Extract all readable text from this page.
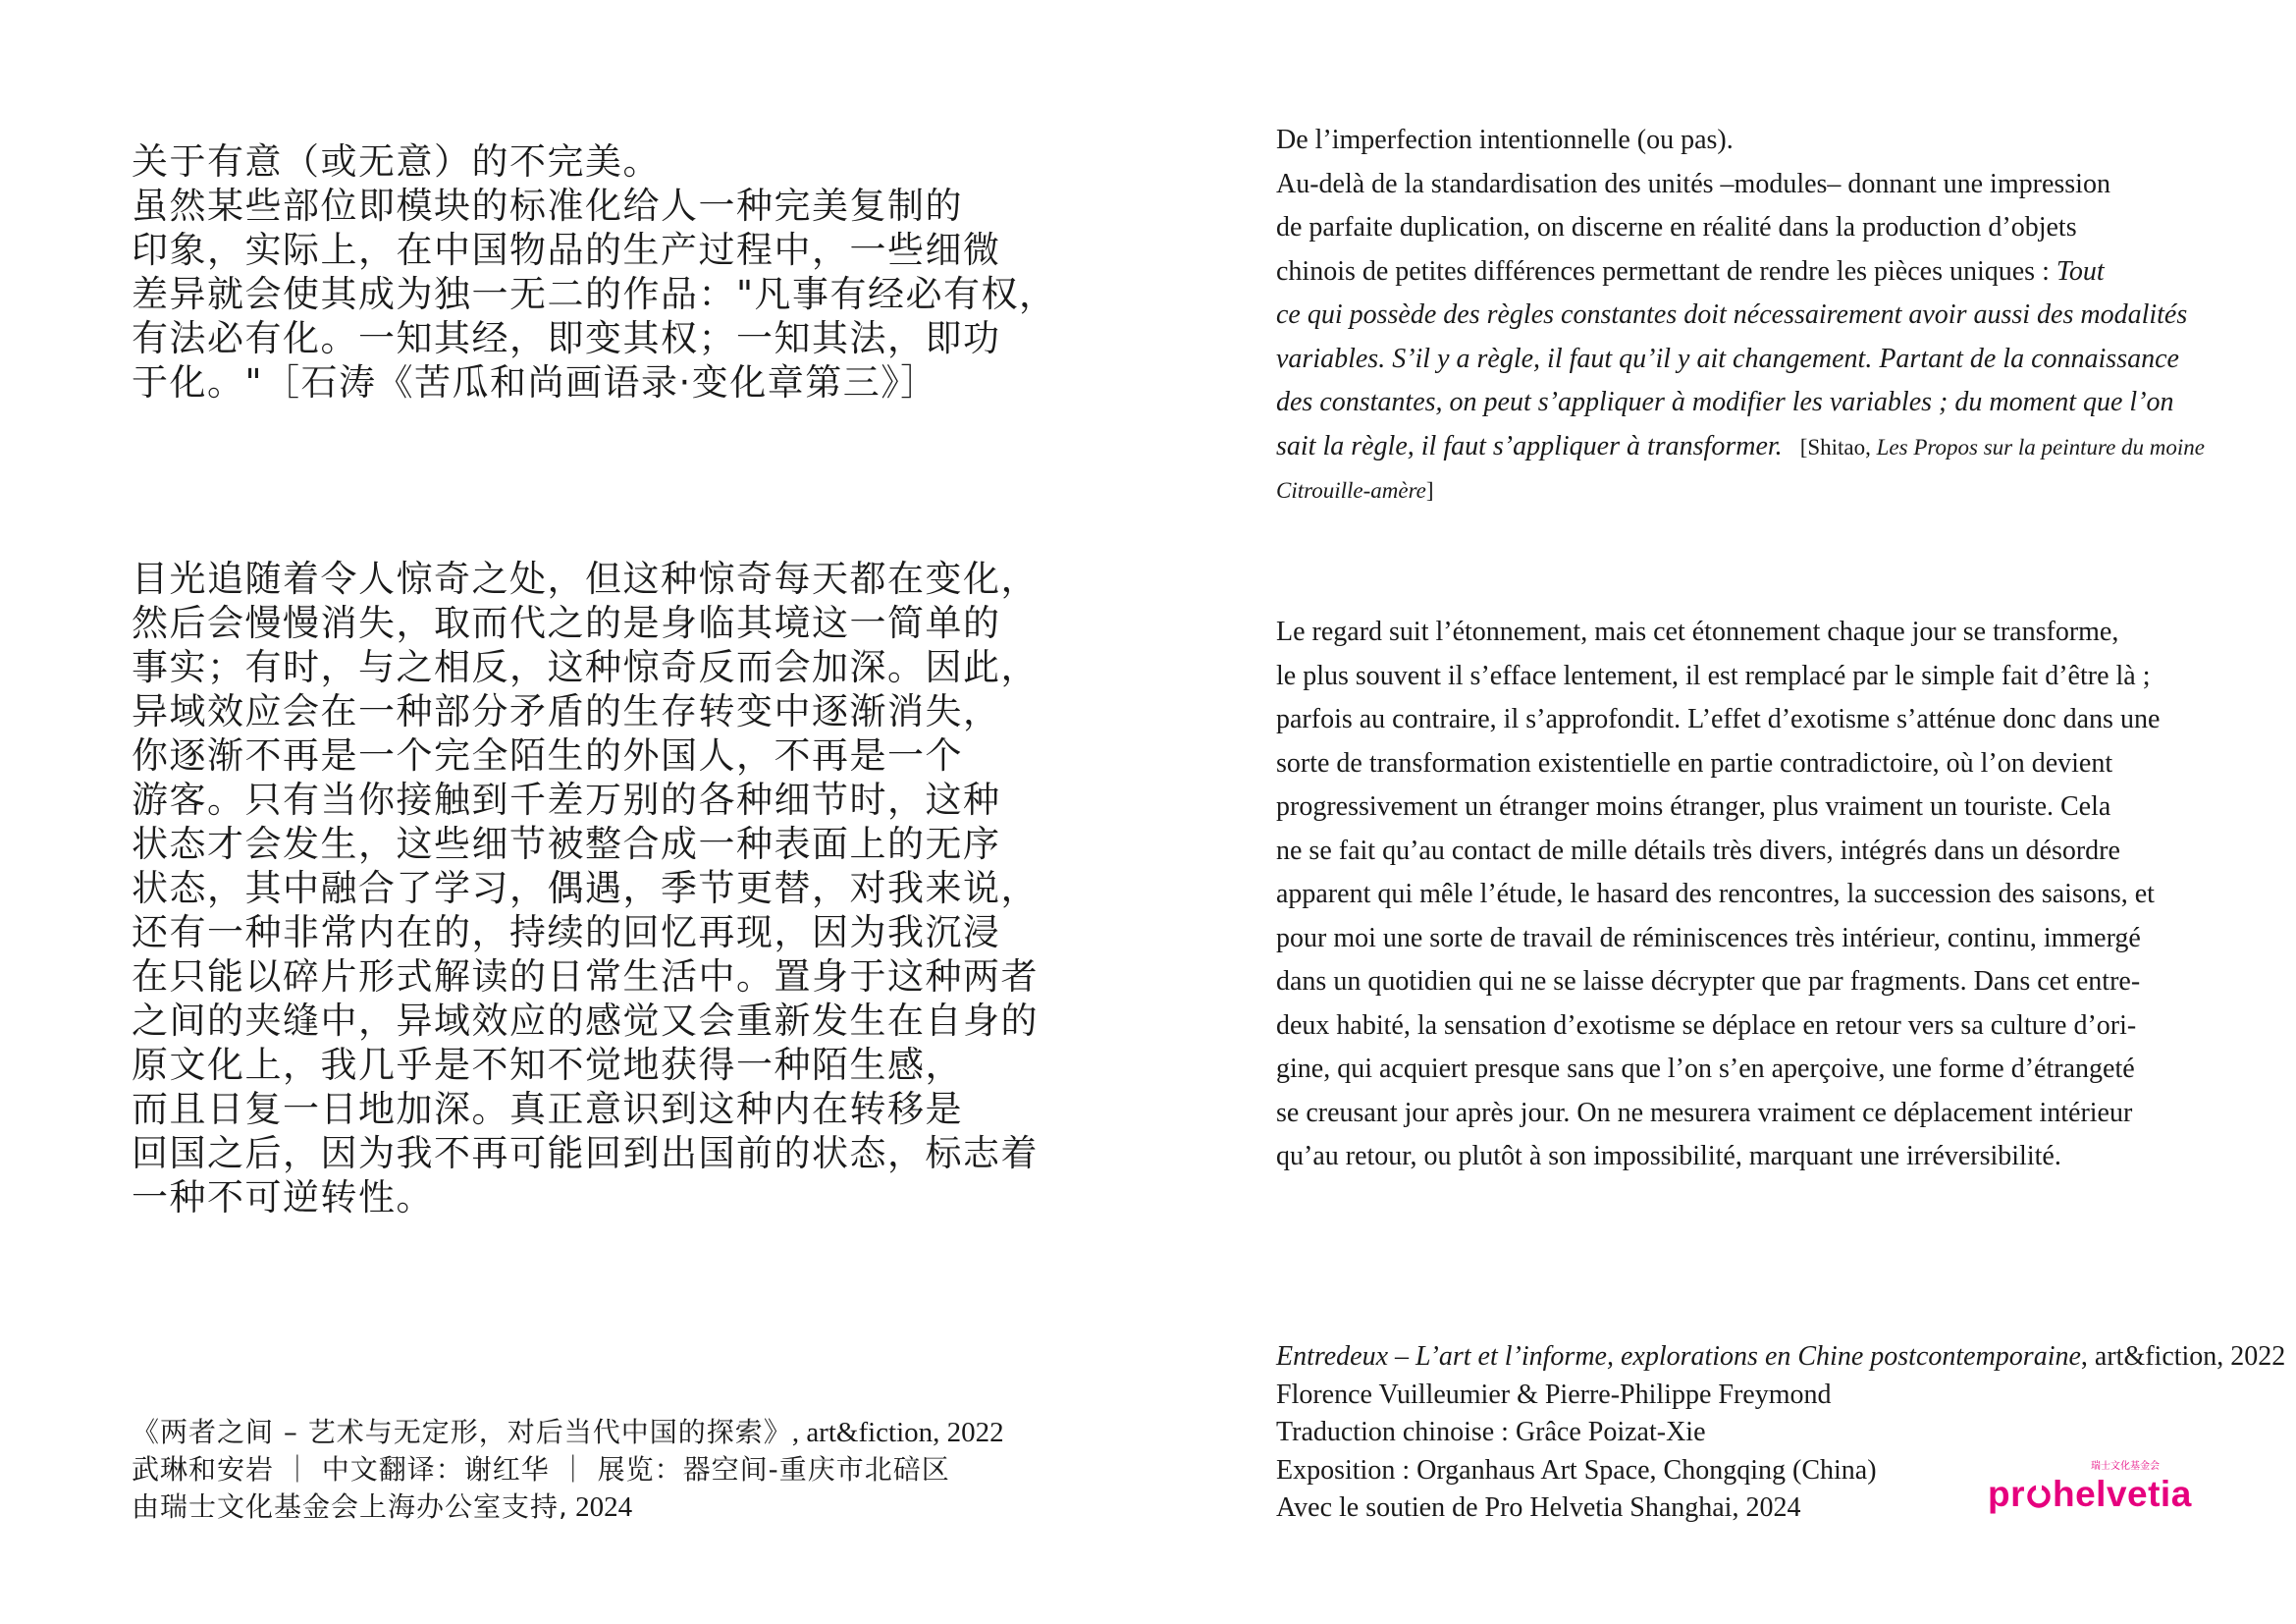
关于有意（或无意）的不完美。
虽然某些部位即模块的标准化给人一种完美复制的
印象，实际上，在中国物品的生产过程中，一些细微
差异就会使其成为独一无二的作品："凡事有经必有权，
有法必有化。一知其经，即变其权；一知其法，即功
于化。"［石涛《苦瓜和尚画语录·变化章第三》］
目光追随着令人惊奇之处，但这种惊奇每天都在变化，
然后会慢慢消失，取而代之的是身临其境这一简单的
事实；有时，与之相反，这种惊奇反而会加深。因此，
异域效应会在一种部分矛盾的生存转变中逐渐消失，
你逐渐不再是一个完全陌生的外国人，不再是一个
游客。只有当你接触到千差万别的各种细节时，这种
状态才会发生，这些细节被整合成一种表面上的无序
状态，其中融合了学习，偶遇，季节更替，对我来说，
还有一种非常内在的，持续的回忆再现，因为我沉浸
在只能以碎片形式解读的日常生活中。置身于这种两者
之间的夹缝中，异域效应的感觉又会重新发生在自身的
原文化上，我几乎是不知不觉地获得一种陌生感，
而且日复一日地加深。真正意识到这种内在转移是
回国之后，因为我不再可能回到出国前的状态，标志着
一种不可逆转性。
《两者之间 – 艺术与无定形，对后当代中国的探索》, art&fiction, 2022
武琳和安岩 ｜ 中文翻译：谢红华 ｜ 展览：器空间-重庆市北碚区
由瑞士文化基金会上海办公室支持, 2024
De l’imperfection intentionnelle (ou pas).
Au-delà de la standardisation des unités –modules– donnant une impression
de parfaite duplication, on discerne en réalité dans la production d’objets
chinois de petites différences permettant de rendre les pièces uniques : Tout
ce qui possède des règles constantes doit nécessairement avoir aussi des modalités
variables. S’il y a règle, il faut qu’il y ait changement. Partant de la connaissance
des constantes, on peut s’appliquer à modifier les variables ; du moment que l’on
sait la règle, il faut s’appliquer à transformer. [Shitao, Les Propos sur la peinture du moine
Citrouille-amère]
Le regard suit l’étonnement, mais cet étonnement chaque jour se transforme,
le plus souvent il s’efface lentement, il est remplacé par le simple fait d’être là ;
parfois au contraire, il s’approfondit. L’effet d’exotisme s’atténue donc dans une
sorte de transformation existentielle en partie contradictoire, où l’on devient
progressivement un étranger moins étranger, plus vraiment un touriste. Cela
ne se fait qu’au contact de mille détails très divers, intégrés dans un désordre
apparent qui mêle l’étude, le hasard des rencontres, la succession des saisons, et
pour moi une sorte de travail de réminiscences très intérieur, continu, immergé
dans un quotidien qui ne se laisse décrypter que par fragments. Dans cet entre-
deux habité, la sensation d’exotisme se déplace en retour vers sa culture d’ori-
gine, qui acquiert presque sans que l’on s’en aperçoive, une forme d’étrangeté
se creusant jour après jour. On ne mesurera vraiment ce déplacement intérieur
qu’au retour, ou plutôt à son impossibilité, marquant une irréversibilité.
Entredeux – L’art et l’informe, explorations en Chine postcontemporaine, art&fiction, 2022
Florence Vuilleumier & Pierre-Philippe Freymond
Traduction chinoise : Grâce Poizat-Xie
Exposition : Organhaus Art Space, Chongqing (China)
Avec le soutien de Pro Helvetia Shanghai, 2024
瑞士文化基金会
pr helvetia
